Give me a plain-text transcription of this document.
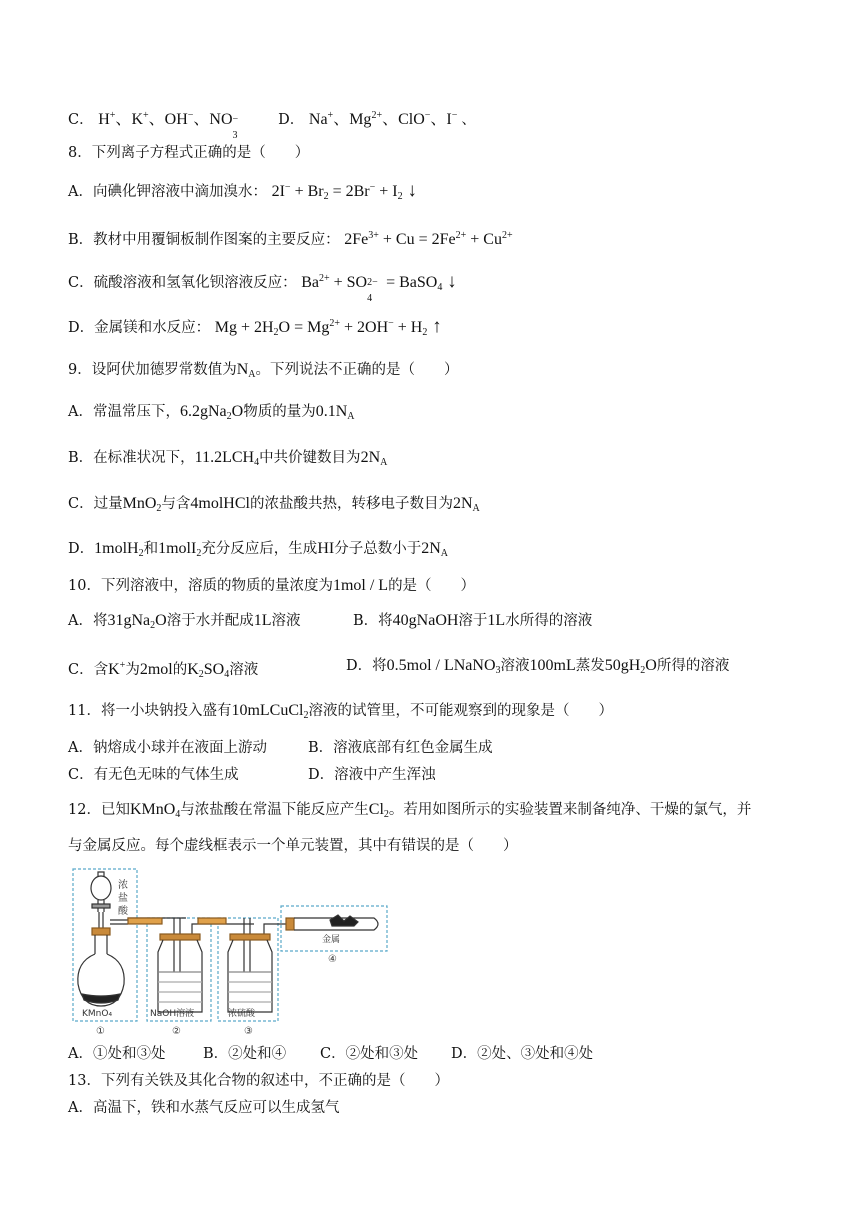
C． H+、K+、OH−、NO −
3
D． Na+、$Mg^{2+}$、ClO−、I− 、
8．下列离子方程式正确的是（　　）
A．向碘化钾溶液中滴加溴水： $2I^- + Br_2 = 2Br^- + I_2$ ↓
B．教材中用覆铜板制作图案的主要反应： $2Fe^{3+} + Cu = 2Fe^{2+} + Cu^{2+}$
C．硫酸溶液和氢氧化钡溶液反应： $Ba^{2+}$ + SO 2−
4
= BaSO$_4$ ↓
D．金属镁和水反应： $Mg + 2H_2O = Mg^{2+} + 2OH^- + H_2$ ↑
9．设阿伏加德罗常数值为$N_A$。下列说法不正确的是（　　）
A．常温常压下，6.2gNa$_2$O物质的量为$0.1N_A$
B．在标准状况下，$11.2LCH_4$中共价键数目为$2N_A$
C．过量MnO$_2$与含4molHCl的浓盐酸共热，转移电子数目为$2N_A$
D．1molH$_2$和1molI$_2$充分反应后，生成HI分子总数小于$2N_A$
10．下列溶液中，溶质的物质的量浓度为1mol / L的是（　　）
A．将31gNa$_2$O溶于水并配成1L溶液	B．将40gNaOH溶于1L水所得的溶液
C．含K+为2mol的$K_2SO_4$溶液	D．将0.5mol / LNaNO$_3$溶液100mL蒸发$50gH_2O$所得的溶液
11．将一小块钠投入盛有10mLCuCl$_2$溶液的试管里，不可能观察到的现象是（　　）
A．钠熔成小球并在液面上游动	B．溶液底部有红色金属生成
C．有无色无味的气体生成	D．溶液中产生浑浊
12．已知KMnO$_4$与浓盐酸在常温下能反应产生$Cl_2$。若用如图所示的实验装置来制备纯净、干燥的氯气，并
与金属反应。每个虚线框表示一个单元装置，其中有错误的是（　　）
浓
盐
酸
KMnO₄
①
NaOH溶液
②
浓硫酸
③
金属
④
A．①处和③处	B．②处和④ C．②处和③处 D．②处、③处和④处
13．下列有关铁及其化合物的叙述中，不正确的是（　　）
A．高温下，铁和水蒸气反应可以生成氢气
